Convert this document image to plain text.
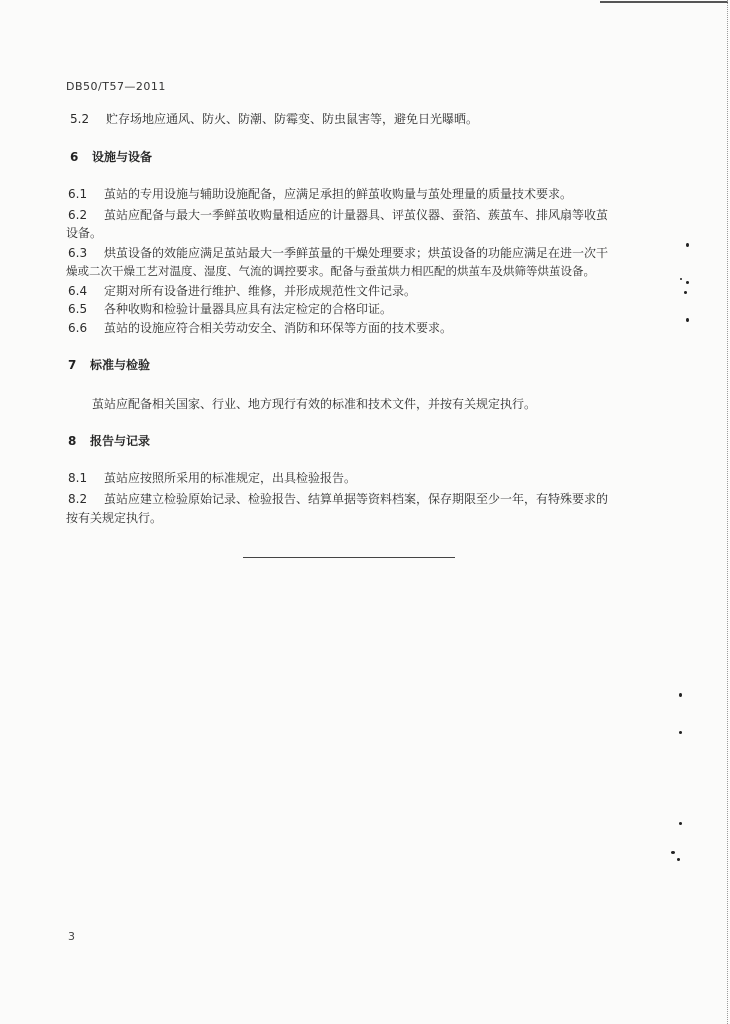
DB50/T57—2011
5.2 贮存场地应通风、防火、防潮、防霉变、防虫鼠害等，避免日光曝晒。
6 设施与设备
6.1 茧站的专用设施与辅助设施配备，应满足承担的鲜茧收购量与茧处理量的质量技术要求。
6.2 茧站应配备与最大一季鲜茧收购量相适应的计量器具、评茧仪器、蚕箔、蔟茧车、排风扇等收茧
设备。
6.3 烘茧设备的效能应满足茧站最大一季鲜茧量的干燥处理要求；烘茧设备的功能应满足在进一次干
燥或二次干燥工艺对温度、湿度、气流的调控要求。配备与蚕茧烘力相匹配的烘茧车及烘筛等烘茧设备。
6.4 定期对所有设备进行维护、维修，并形成规范性文件记录。
6.5 各种收购和检验计量器具应具有法定检定的合格印证。
6.6 茧站的设施应符合相关劳动安全、消防和环保等方面的技术要求。
7 标准与检验
茧站应配备相关国家、行业、地方现行有效的标准和技术文件，并按有关规定执行。
8 报告与记录
8.1 茧站应按照所采用的标准规定，出具检验报告。
8.2 茧站应建立检验原始记录、检验报告、结算单据等资料档案，保存期限至少一年，有特殊要求的
按有关规定执行。
3
